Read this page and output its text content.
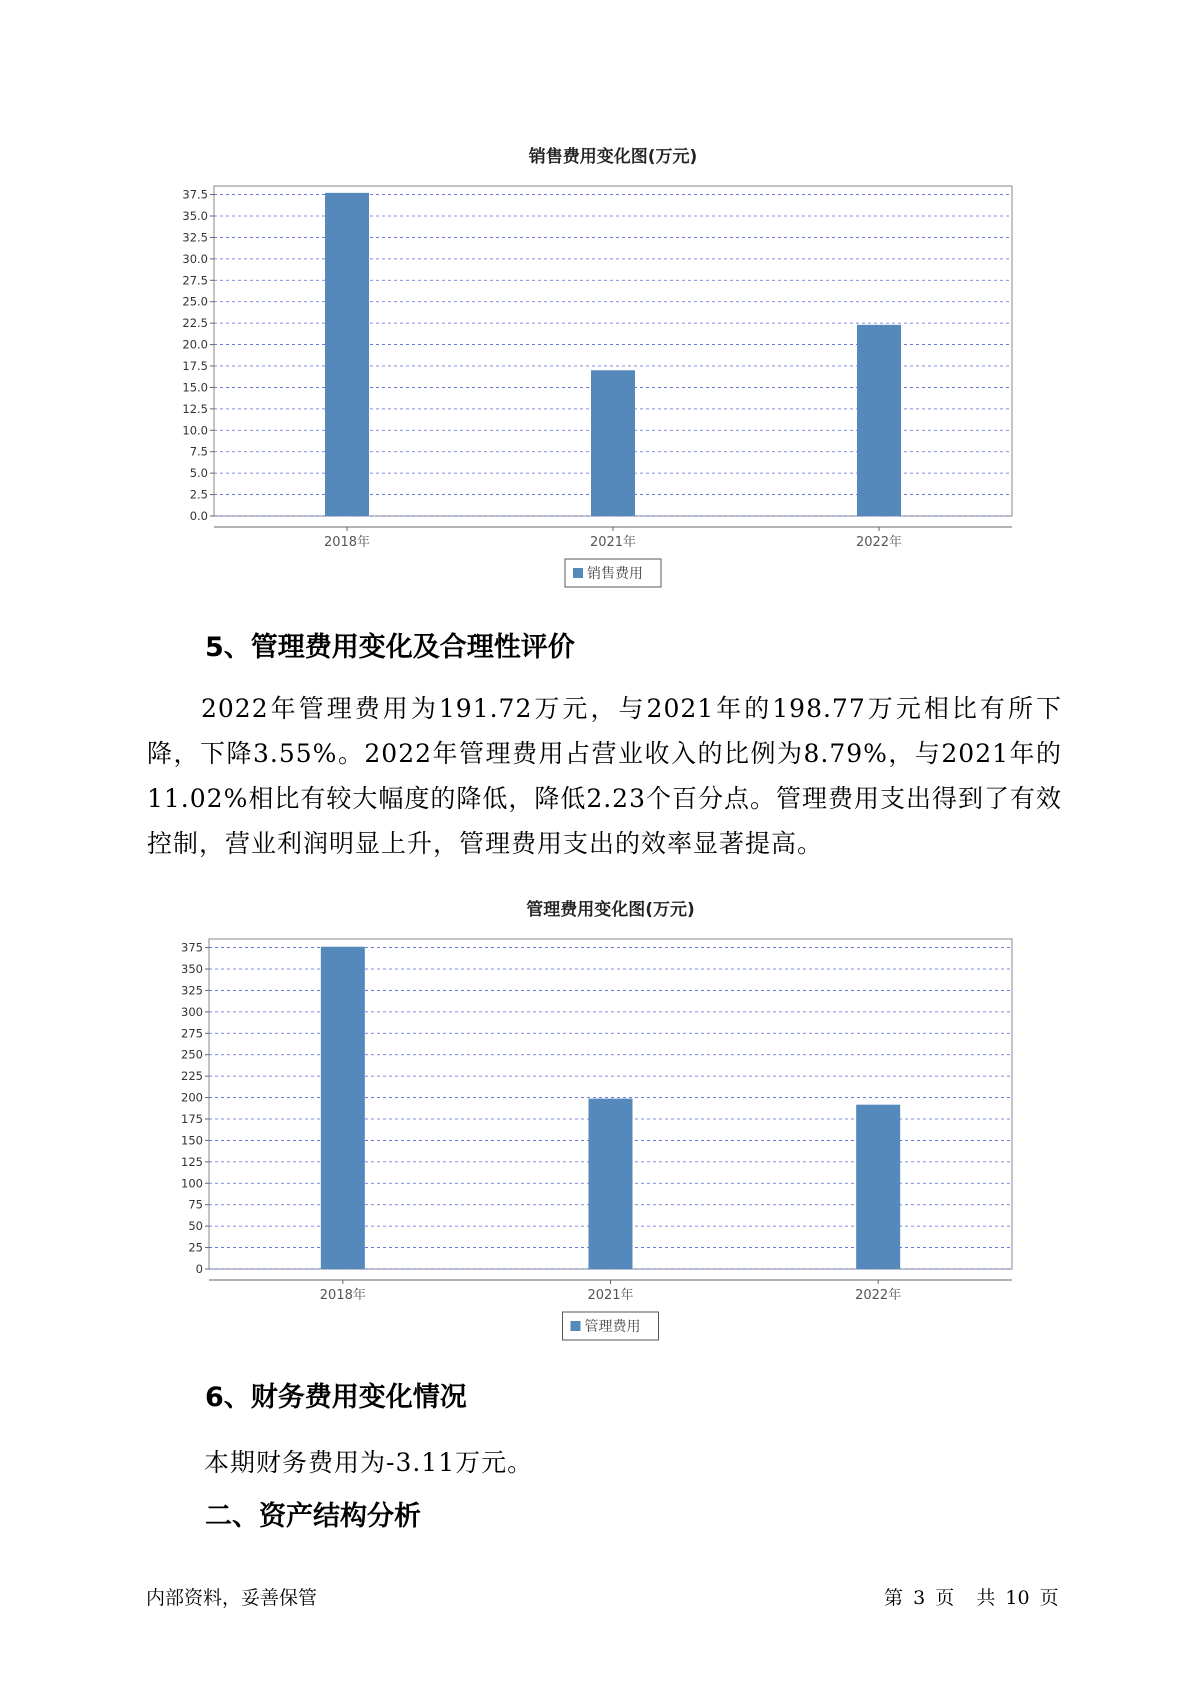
销售费用变化图(万元)
0.0
2.5
5.0
7.5
10.0
12.5
15.0
17.5
20.0
22.5
25.0
27.5
30.0
32.5
35.0
37.5
2018年	2021年	2022年
销售费用
5、管理费用变化及合理性评价

2022年管理费用为191.72万元，与2021年的198.77万元相比有所下降，下降3.55%。2022年管理费用占营业收入的比例为8.79%，与2021年的11.02%相比有较大幅度的降低，降低2.23个百分点。管理费用支出得到了有效控制，营业利润明显上升，管理费用支出的效率显著提高。

管理费用变化图(万元)
0
25
50
75
100
125
150
175
200
225
250
275
300
325
350
375
2018年	2021年	2022年
管理费用
6、财务费用变化情况

本期财务费用为-3.11万元。

二、资产结构分析
内部资料，妥善保管	第 3 页 共 10 页
